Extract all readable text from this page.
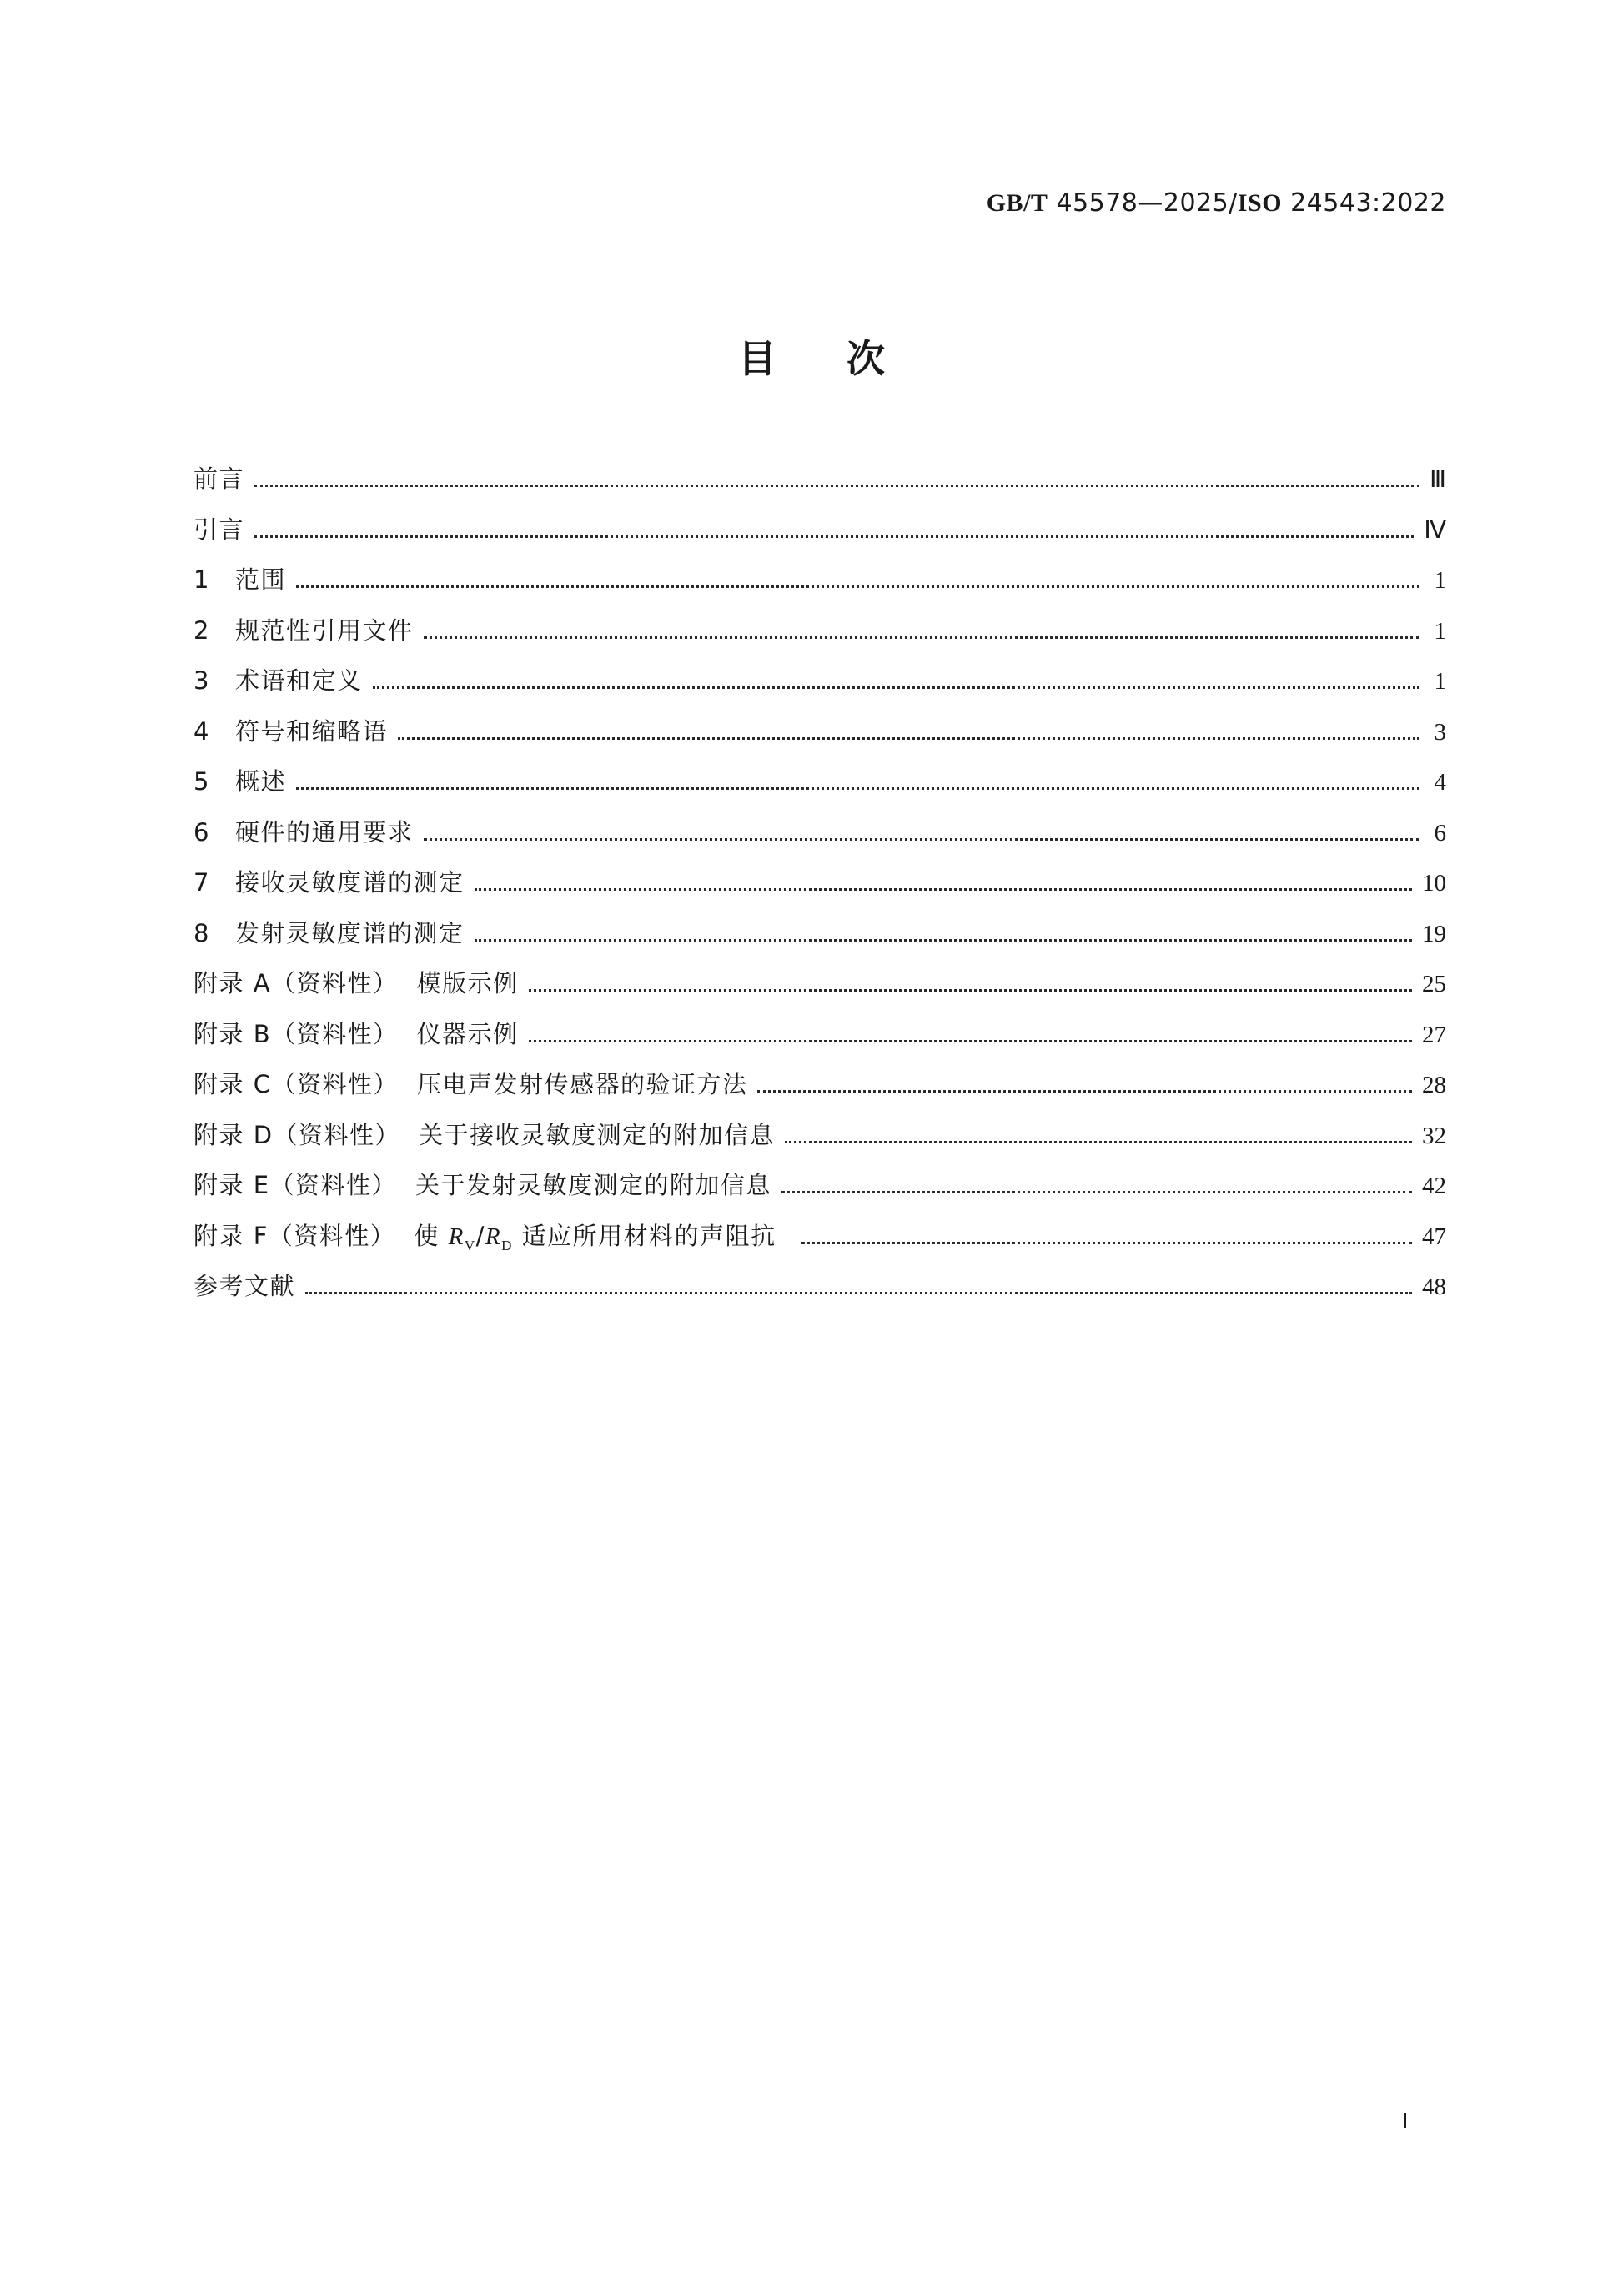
GB/T 45578—2025/ISO 24543:2022
目次
前言	Ⅲ
引言	Ⅳ
1	范围	1
2	规范性引用文件	1
3	术语和定义	1
4	符号和缩略语	3
5	概述	4
6	硬件的通用要求	6
7	接收灵敏度谱的测定	10
8	发射灵敏度谱的测定	19
附录 A（资料性） 模版示例	25
附录 B（资料性） 仪器示例	27
附录 C（资料性） 压电声发射传感器的验证方法	28
附录 D（资料性） 关于接收灵敏度测定的附加信息	32
附录 E（资料性） 关于发射灵敏度测定的附加信息	42
附录 F（资料性） 使 $R_V/R_D$ 适应所用材料的声阻抗	47
参考文献	48
I
